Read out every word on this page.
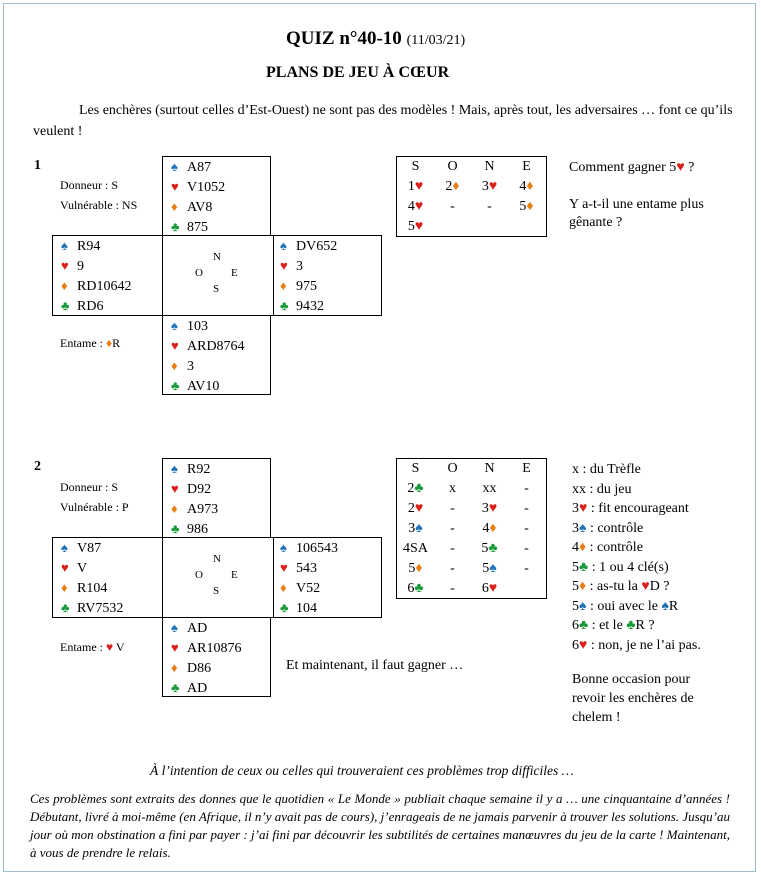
QUIZ n°40-10 (11/03/21)
PLANS DE JEU À CŒUR
Les enchères (surtout celles d’Est-Ouest) ne sont pas des modèles ! Mais, après tout, les adversaires … font ce qu’ils veulent !
1
Donneur : S
Vulnérable : NS
Entame : ♦R
♠ A87
♥ V1052
♦ AV8
♣ 875
♠ R94
♥ 9
♦ RD10642
♣ RD6
N
O	E
S
♠ DV652
♥ 3
♦ 975
♣ 9432
♠ 103
♥ ARD8764
♦ 3
♣ AV10
S	O	N	E
1♥	2♦	3♥	4♦
4♥	-	-	5♦
5♥
Comment gagner 5♥ ?
Y a-t-il une entame plus
gênante ?
2
Donneur : S
Vulnérable : P
Entame : ♥ V
♠ R92
♥ D92
♦ A973
♣ 986
♠ V87
♥ V
♦ R104
♣ RV7532
N
O	E
S
♠ 106543
♥ 543
♦ V52
♣ 104
♠ AD
♥ AR10876
♦ D86
♣ AD
Et maintenant, il faut gagner …
S	O	N	E
2♣	x	xx	-
2♥	-	3♥	-
3♠	-	4♦	-
4SA	-	5♣	-
5♦	-	5♠	-
6♣	-	6♥
x : du Trèfle
xx : du jeu
3♥ : fit encourageant
3♠ : contrôle
4♦ : contrôle
5♣ : 1 ou 4 clé(s)
5♦ : as-tu la ♥D ?
5♠ : oui avec le ♠R
6♣ : et le ♣R ?
6♥ : non, je ne l’ai pas.
Bonne occasion pour
revoir les enchères de
chelem !
À l’intention de ceux ou celles qui trouveraient ces problèmes trop difficiles …
Ces problèmes sont extraits des donnes que le quotidien « Le Monde » publiait chaque semaine il y a … une cinquantaine d’années ! Débutant, livré à moi-même (en Afrique, il n’y avait pas de cours), j’enrageais de ne jamais parvenir à trouver les solutions. Jusqu’au jour où mon obstination a fini par payer : j’ai fini par découvrir les subtilités de certaines manœuvres du jeu de la carte ! Maintenant, à vous de prendre le relais.
